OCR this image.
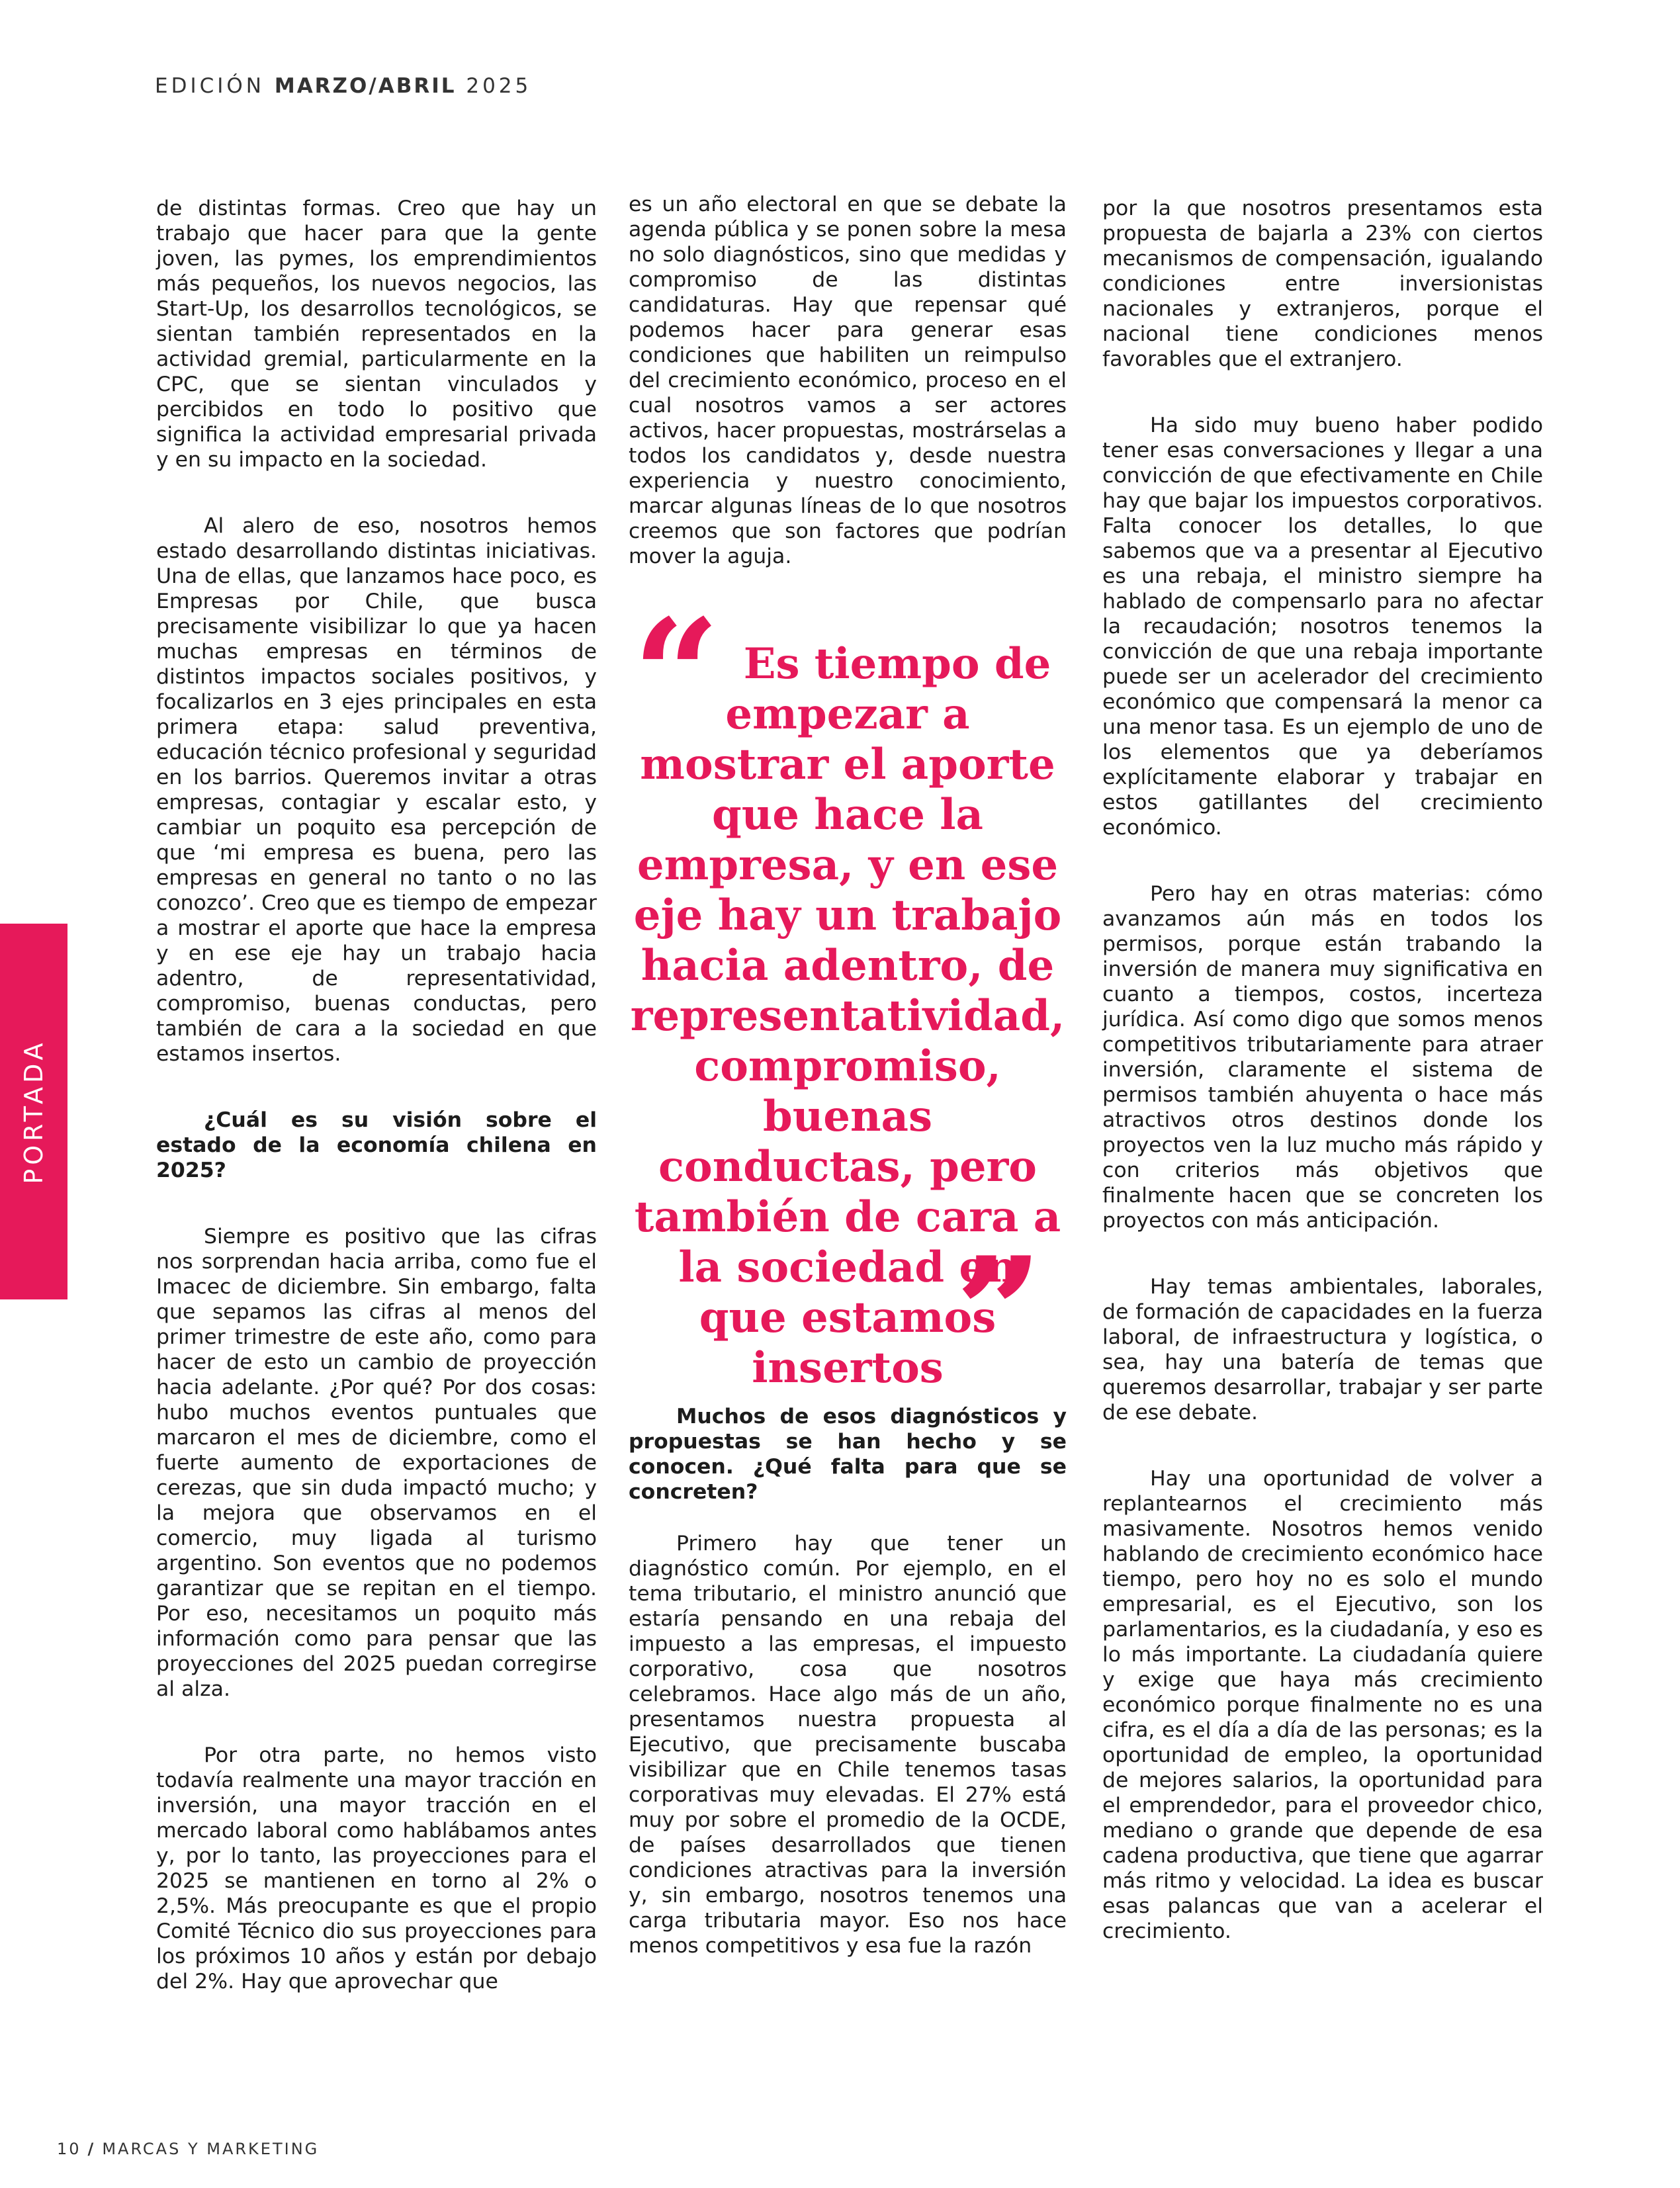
EDICIÓN MARZO/ABRIL 2025
PORTADA

de distintas formas. Creo que hay un trabajo que hacer para que la gente joven, las pymes, los emprendimientos más pequeños, los nuevos negocios, las Start-Up, los desarrollos tecnológicos, se sientan también representados en la actividad gremial, particularmente en la CPC, que se sientan vinculados y percibidos en todo lo positivo que significa la actividad empresarial privada y en su impacto en la sociedad.

Al alero de eso, nosotros hemos estado desarrollando distintas iniciativas. Una de ellas, que lanzamos hace poco, es Empresas por Chile, que busca precisamente visibilizar lo que ya hacen muchas empresas en términos de distintos impactos sociales positivos, y focalizarlos en 3 ejes principales en esta primera etapa: salud preventiva, educación técnico profesional y seguridad en los barrios. Queremos invitar a otras empresas, contagiar y escalar esto, y cambiar un poquito esa percepción de que ‘mi empresa es buena, pero las empresas en general no tanto o no las conozco’. Creo que es tiempo de empezar a mostrar el aporte que hace la empresa y en ese eje hay un trabajo hacia adentro, de representatividad, compromiso, buenas conductas, pero también de cara a la sociedad en que estamos insertos.

¿Cuál es su visión sobre el estado de la economía chilena en 2025?

Siempre es positivo que las cifras nos sorprendan hacia arriba, como fue el Imacec de diciembre. Sin embargo, falta que sepamos las cifras al menos del primer trimestre de este año, como para hacer de esto un cambio de proyección hacia adelante. ¿Por qué? Por dos cosas: hubo muchos eventos puntuales que marcaron el mes de diciembre, como el fuerte aumento de exportaciones de cerezas, que sin duda impactó mucho; y la mejora que observamos en el comercio, muy ligada al turismo argentino. Son eventos que no podemos garantizar que se repitan en el tiempo. Por eso, necesitamos un poquito más información como para pensar que las proyecciones del 2025 puedan corregirse al alza.

Por otra parte, no hemos visto todavía realmente una mayor tracción en inversión, una mayor tracción en el mercado laboral como hablábamos antes y, por lo tanto, las proyecciones para el 2025 se mantienen en torno al 2% o 2,5%. Más preocupante es que el propio Comité Técnico dio sus proyecciones para los próximos 10 años y están por debajo del 2%. Hay que aprovechar que

es un año electoral en que se debate la agenda pública y se ponen sobre la mesa no solo diagnósticos, sino que medidas y compromiso de las distintas candidaturas. Hay que repensar qué podemos hacer para generar esas condiciones que habiliten un reimpulso del crecimiento económico, proceso en el cual nosotros vamos a ser actores activos, hacer propuestas, mostrárselas a todos los candidatos y, desde nuestra experiencia y nuestro conocimiento, marcar algunas líneas de lo que nosotros creemos que son factores que podrían mover la aguja.

“ Es tiempo de empezar a mostrar el aporte que hace la empresa, y en ese eje hay un trabajo hacia adentro, de representatividad, compromiso, buenas conductas, pero también de cara a la sociedad en que estamos insertos ”

Muchos de esos diagnósticos y propuestas se han hecho y se conocen. ¿Qué falta para que se concreten?

Primero hay que tener un diagnóstico común. Por ejemplo, en el tema tributario, el ministro anunció que estaría pensando en una rebaja del impuesto a las empresas, el impuesto corporativo, cosa que nosotros celebramos. Hace algo más de un año, presentamos nuestra propuesta al Ejecutivo, que precisamente buscaba visibilizar que en Chile tenemos tasas corporativas muy elevadas. El 27% está muy por sobre el promedio de la OCDE, de países desarrollados que tienen condiciones atractivas para la inversión y, sin embargo, nosotros tenemos una carga tributaria mayor. Eso nos hace menos competitivos y esa fue la razón

por la que nosotros presentamos esta propuesta de bajarla a 23% con ciertos mecanismos de compensación, igualando condiciones entre inversionistas nacionales y extranjeros, porque el nacional tiene condiciones menos favorables que el extranjero.

Ha sido muy bueno haber podido tener esas conversaciones y llegar a una convicción de que efectivamente en Chile hay que bajar los impuestos corporativos. Falta conocer los detalles, lo que sabemos que va a presentar al Ejecutivo es una rebaja, el ministro siempre ha hablado de compensarlo para no afectar la recaudación; nosotros tenemos la convicción de que una rebaja importante puede ser un acelerador del crecimiento económico que compensará la menor ca una menor tasa. Es un ejemplo de uno de los elementos que ya deberíamos explícitamente elaborar y trabajar en estos gatillantes del crecimiento económico.

Pero hay en otras materias: cómo avanzamos aún más en todos los permisos, porque están trabando la inversión de manera muy significativa en cuanto a tiempos, costos, incerteza jurídica. Así como digo que somos menos competitivos tributariamente para atraer inversión, claramente el sistema de permisos también ahuyenta o hace más atractivos otros destinos donde los proyectos ven la luz mucho más rápido y con criterios más objetivos que finalmente hacen que se concreten los proyectos con más anticipación.

Hay temas ambientales, laborales, de formación de capacidades en la fuerza laboral, de infraestructura y logística, o sea, hay una batería de temas que queremos desarrollar, trabajar y ser parte de ese debate.

Hay una oportunidad de volver a replantearnos el crecimiento más masivamente. Nosotros hemos venido hablando de crecimiento económico hace tiempo, pero hoy no es solo el mundo empresarial, es el Ejecutivo, son los parlamentarios, es la ciudadanía, y eso es lo más importante. La ciudadanía quiere y exige que haya más crecimiento económico porque finalmente no es una cifra, es el día a día de las personas; es la oportunidad de empleo, la oportunidad de mejores salarios, la oportunidad para el emprendedor, para el proveedor chico, mediano o grande que depende de esa cadena productiva, que tiene que agarrar más ritmo y velocidad. La idea es buscar esas palancas que van a acelerar el crecimiento.

10 / MARCAS Y MARKETING
